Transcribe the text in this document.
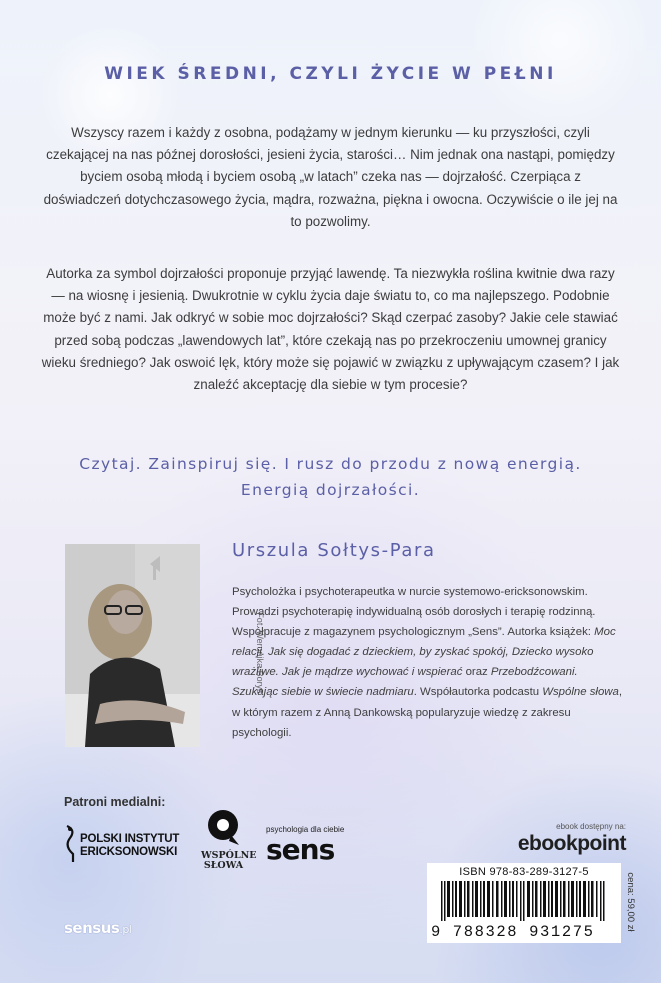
WIEK ŚREDNI, CZYLI ŻYCIE W PEŁNI
Wszyscy razem i każdy z osobna, podążamy w jednym kierunku — ku przyszłości, czyli czekającej na nas późnej dorosłości, jesieni życia, starości… Nim jednak ona nastąpi, pomiędzy byciem osobą młodą i byciem osobą „w latach” czeka nas — dojrzałość. Czerpiąca z doświadczeń dotychczasowego życia, mądra, rozważna, piękna i owocna. Oczywiście o ile jej na to pozwolimy.
Autorka za symbol dojrzałości proponuje przyjąć lawendę. Ta niezwykła roślina kwitnie dwa razy — na wiosnę i jesienią. Dwukrotnie w cyklu życia daje światu to, co ma najlepszego. Podobnie może być z nami. Jak odkryć w sobie moc dojrzałości? Skąd czerpać zasoby? Jakie cele stawiać przed sobą podczas „lawendowych lat”, które czekają nas po przekroczeniu umownej granicy wieku średniego? Jak oswoić lęk, który może się pojawić w związku z upływającym czasem? I jak znaleźć akceptację dla siebie w tym procesie?
Czytaj. Zainspiruj się. I rusz do przodu z nową energią.
Energią dojrzałości.
Fot. Weronika Borys
Urszula Sołtys-Para
Psycholożka i psychoterapeutka w nurcie systemowo-ericksonowskim. Prowadzi psychoterapię indywidualną osób dorosłych i terapię rodzinną. Współpracuje z magazynem psychologicznym „Sens”. Autorka książek: Moc relacji. Jak się dogadać z dzieckiem, by zyskać spokój, Dziecko wysoko wrażliwe. Jak je mądrze wychować i wspierać oraz Przebodźcowani. Szukając siebie w świecie nadmiaru. Współautorka podcastu Wspólne słowa, w którym razem z Anną Dankowską popularyzuje wiedzę z zakresu psychologii.
Patroni medialni:
POLSKI INSTYTUT
ERICKSONOWSKI	WSPÓLNE
SŁOWA
psychologia dla ciebie
sens
ebook dostępny na:
ebookpoint
ISBN 978-83-289-3127-5
9 788328 931275
cena: 59,00 zł
sensus.pl
